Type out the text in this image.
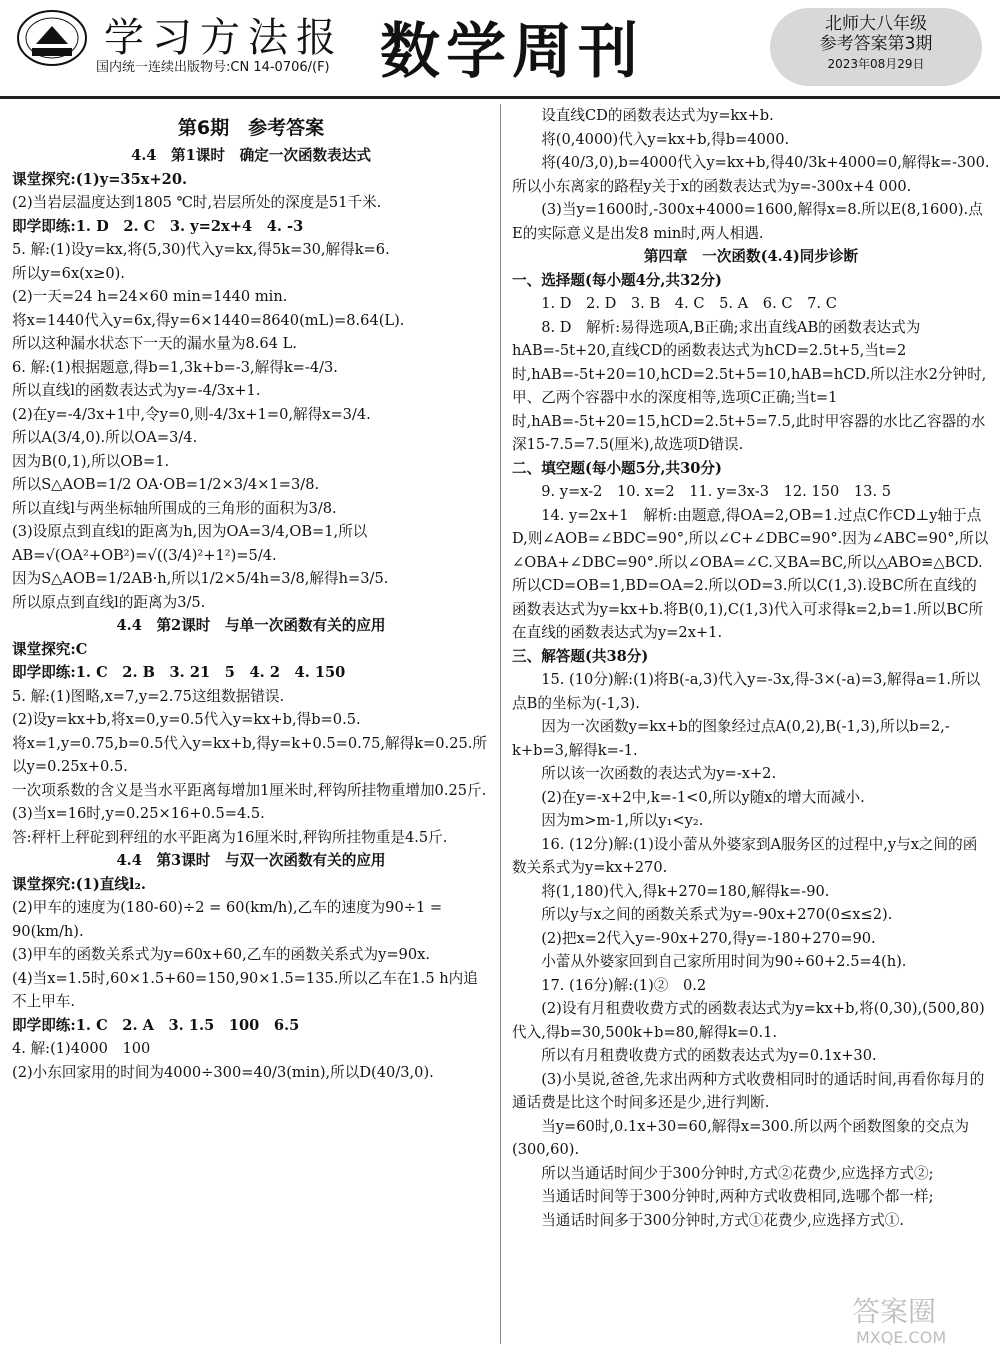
学习方法报 数学周刊
国内统一连续出版物号:CN 14-0706/(F)
北师大八年级
参考答案第3期
2023年08月29日

第6期　参考答案

4.4　第1课时　确定一次函数表达式

课堂探究:(1)y=35x+20.

(2)当岩层温度达到1805 ℃时,岩层所处的深度是51千米.

即学即练:1. D　2. C　3. y=2x+4　4. -3

5. 解:(1)设y=kx,将(5,30)代入y=kx,得5k=30,解得k=6.

所以y=6x(x≥0).

(2)一天=24 h=24×60 min=1440 min.

将x=1440代入y=6x,得y=6×1440=8640(mL)=8.64(L).

所以这种漏水状态下一天的漏水量为8.64 L.

6. 解:(1)根据题意,得b=1,3k+b=-3,解得k=-4/3.

所以直线l的函数表达式为y=-4/3x+1.

(2)在y=-4/3x+1中,令y=0,则-4/3x+1=0,解得x=3/4.

所以A(3/4,0).所以OA=3/4.

因为B(0,1),所以OB=1.

所以S△AOB=1/2 OA·OB=1/2×3/4×1=3/8.

所以直线l与两坐标轴所围成的三角形的面积为3/8.

(3)设原点到直线l的距离为h,因为OA=3/4,OB=1,所以

AB=√(OA²+OB²)=√((3/4)²+1²)=5/4.

因为S△AOB=1/2AB·h,所以1/2×5/4h=3/8,解得h=3/5.

所以原点到直线l的距离为3/5.

4.4　第2课时　与单一次函数有关的应用

课堂探究:C

即学即练:1. C　2. B　3. 21　5　4. 2　4. 150

5. 解:(1)图略,x=7,y=2.75这组数据错误.

(2)设y=kx+b,将x=0,y=0.5代入y=kx+b,得b=0.5.

将x=1,y=0.75,b=0.5代入y=kx+b,得y=k+0.5=0.75,解得k=0.25.所以y=0.25x+0.5.

一次项系数的含义是当水平距离每增加1厘米时,秤钩所挂物重增加0.25斤.

(3)当x=16时,y=0.25×16+0.5=4.5.

答:秤杆上秤砣到秤纽的水平距离为16厘米时,秤钩所挂物重是4.5斤.

4.4　第3课时　与双一次函数有关的应用

课堂探究:(1)直线l₂.

(2)甲车的速度为(180-60)÷2 = 60(km/h),乙车的速度为90÷1 = 90(km/h).

(3)甲车的函数关系式为y=60x+60,乙车的函数关系式为y=90x.

(4)当x=1.5时,60×1.5+60=150,90×1.5=135.所以乙车在1.5 h内追不上甲车.

即学即练:1. C　2. A　3. 1.5　100　6.5

4. 解:(1)4000　100

(2)小东回家用的时间为4000÷300=40/3(min),所以D(40/3,0).

设直线CD的函数表达式为y=kx+b.

将(0,4000)代入y=kx+b,得b=4000.

将(40/3,0),b=4000代入y=kx+b,得40/3k+4000=0,解得k=-300.所以小东离家的路程y关于x的函数表达式为y=-300x+4 000.

(3)当y=1600时,-300x+4000=1600,解得x=8.所以E(8,1600).点E的实际意义是出发8 min时,两人相遇.

第四章　一次函数(4.4)同步诊断

一、选择题(每小题4分,共32分)

1. D　2. D　3. B　4. C　5. A　6. C　7. C

8. D　解析:易得选项A,B正确;求出直线AB的函数表达式为hAB=-5t+20,直线CD的函数表达式为hCD=2.5t+5,当t=2时,hAB=-5t+20=10,hCD=2.5t+5=10,hAB=hCD.所以注水2分钟时,甲、乙两个容器中水的深度相等,选项C正确;当t=1时,hAB=-5t+20=15,hCD=2.5t+5=7.5,此时甲容器的水比乙容器的水深15-7.5=7.5(厘米),故选项D错误.

二、填空题(每小题5分,共30分)

9. y=x-2　10. x=2　11. y=3x-3　12. 150　13. 5

14. y=2x+1　解析:由题意,得OA=2,OB=1.过点C作CD⊥y轴于点D,则∠AOB=∠BDC=90°,所以∠C+∠DBC=90°.因为∠ABC=90°,所以∠OBA+∠DBC=90°.所以∠OBA=∠C.又BA=BC,所以△ABO≌△BCD.所以CD=OB=1,BD=OA=2.所以OD=3.所以C(1,3).设BC所在直线的函数表达式为y=kx+b.将B(0,1),C(1,3)代入可求得k=2,b=1.所以BC所在直线的函数表达式为y=2x+1.

三、解答题(共38分)

15. (10分)解:(1)将B(-a,3)代入y=-3x,得-3×(-a)=3,解得a=1.所以点B的坐标为(-1,3).

因为一次函数y=kx+b的图象经过点A(0,2),B(-1,3),所以b=2,-k+b=3,解得k=-1.

所以该一次函数的表达式为y=-x+2.

(2)在y=-x+2中,k=-1<0,所以y随x的增大而减小.

因为m>m-1,所以y₁<y₂.

16. (12分)解:(1)设小蕾从外婆家到A服务区的过程中,y与x之间的函数关系式为y=kx+270.

将(1,180)代入,得k+270=180,解得k=-90.

所以y与x之间的函数关系式为y=-90x+270(0≤x≤2).

(2)把x=2代入y=-90x+270,得y=-180+270=90.

小蕾从外婆家回到自己家所用时间为90÷60+2.5=4(h).

17. (16分)解:(1)②　0.2

(2)设有月租费收费方式的函数表达式为y=kx+b,将(0,30),(500,80)代入,得b=30,500k+b=80,解得k=0.1.

所以有月租费收费方式的函数表达式为y=0.1x+30.

(3)小昊说,爸爸,先求出两种方式收费相同时的通话时间,再看你每月的通话费是比这个时间多还是少,进行判断.

当y=60时,0.1x+30=60,解得x=300.所以两个函数图象的交点为(300,60).

所以当通话时间少于300分钟时,方式②花费少,应选择方式②;

当通话时间等于300分钟时,两种方式收费相同,选哪个都一样;

当通话时间多于300分钟时,方式①花费少,应选择方式①.

答案圈
MXQE.COM
